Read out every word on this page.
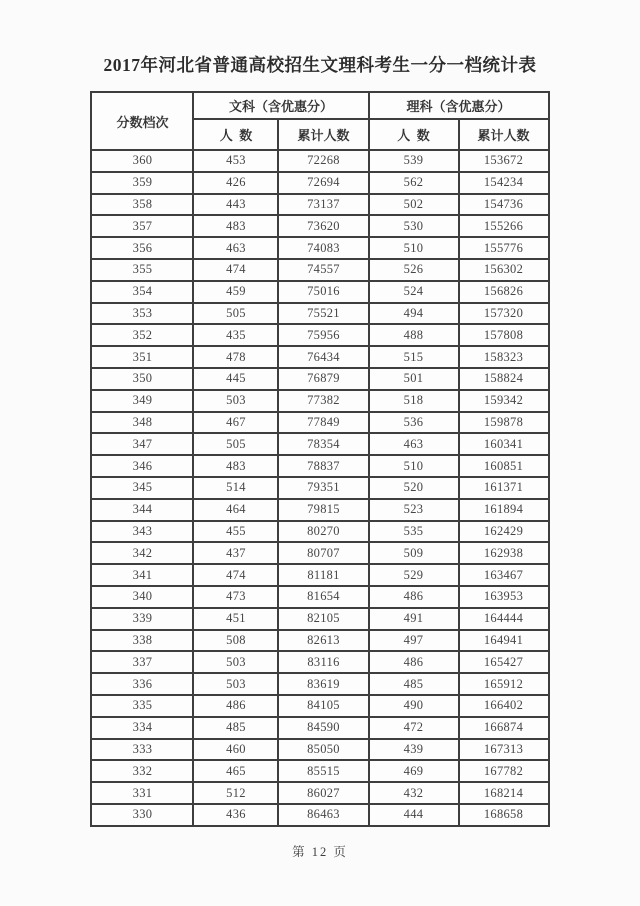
2017年河北省普通高校招生文理科考生一分一档统计表
分数档次	文科（含优惠分）		理科（含优惠分）	
	人  数	累计人数	人  数	累计人数
360	453	72268	539	153672
359	426	72694	562	154234
358	443	73137	502	154736
357	483	73620	530	155266
356	463	74083	510	155776
355	474	74557	526	156302
354	459	75016	524	156826
353	505	75521	494	157320
352	435	75956	488	157808
351	478	76434	515	158323
350	445	76879	501	158824
349	503	77382	518	159342
348	467	77849	536	159878
347	505	78354	463	160341
346	483	78837	510	160851
345	514	79351	520	161371
344	464	79815	523	161894
343	455	80270	535	162429
342	437	80707	509	162938
341	474	81181	529	163467
340	473	81654	486	163953
339	451	82105	491	164444
338	508	82613	497	164941
337	503	83116	486	165427
336	503	83619	485	165912
335	486	84105	490	166402
334	485	84590	472	166874
333	460	85050	439	167313
332	465	85515	469	167782
331	512	86027	432	168214
330	436	86463	444	168658
第 12 页
